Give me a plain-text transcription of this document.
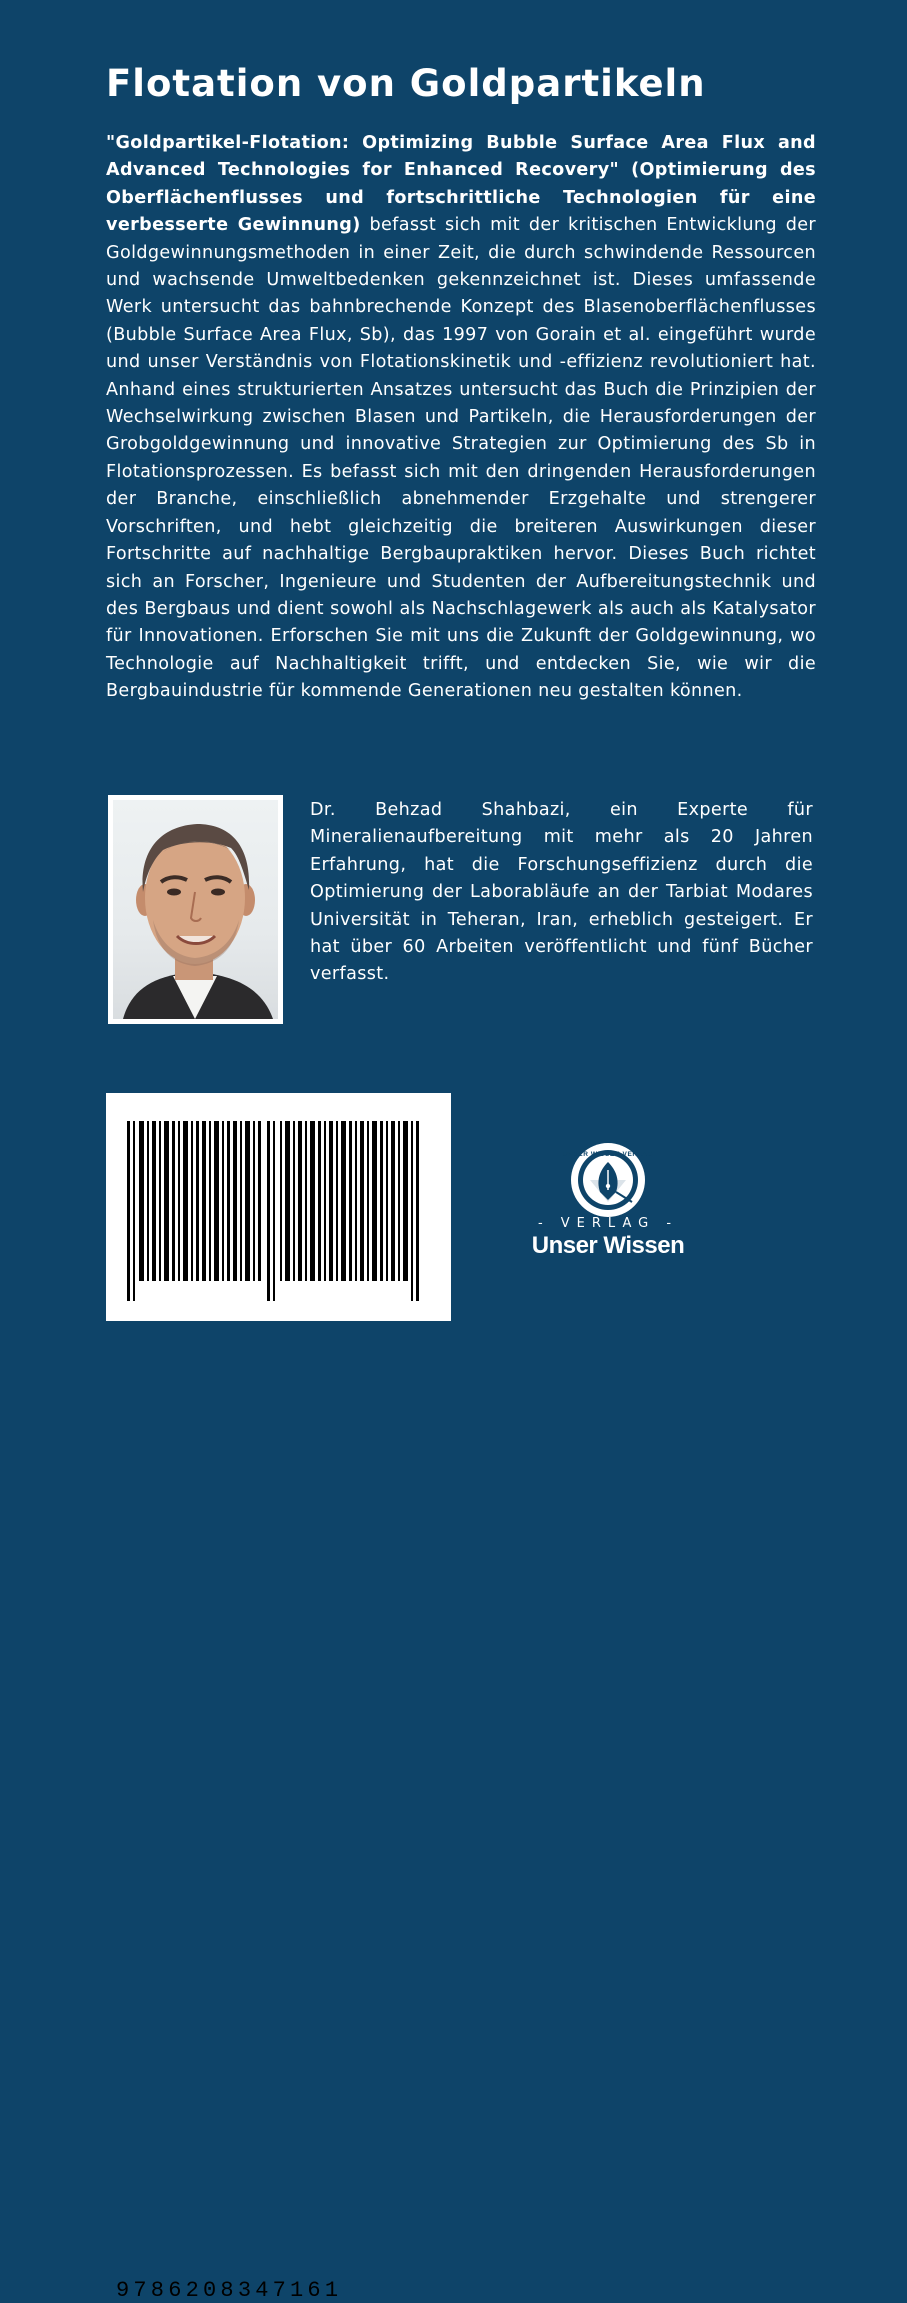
Flotation von Goldpartikeln
"Goldpartikel-Flotation: Optimizing Bubble Surface Area Flux and Advanced Technologies for Enhanced Recovery" (Optimierung des Oberflächenflusses und fortschrittliche Technologien für eine verbesserte Gewinnung) befasst sich mit der kritischen Entwicklung der Goldgewinnungsmethoden in einer Zeit, die durch schwindende Ressourcen und wachsende Umweltbedenken gekennzeichnet ist. Dieses umfassende Werk untersucht das bahnbrechende Konzept des Blasenoberflächenflusses (Bubble Surface Area Flux, Sb), das 1997 von Gorain et al. eingeführt wurde und unser Verständnis von Flotationskinetik und -effizienz revolutioniert hat. Anhand eines strukturierten Ansatzes untersucht das Buch die Prinzipien der Wechselwirkung zwischen Blasen und Partikeln, die Herausforderungen der Grobgoldgewinnung und innovative Strategien zur Optimierung des Sb in Flotationsprozessen. Es befasst sich mit den dringenden Herausforderungen der Branche, einschließlich abnehmender Erzgehalte und strengerer Vorschriften, und hebt gleichzeitig die breiteren Auswirkungen dieser Fortschritte auf nachhaltige Bergbaupraktiken hervor. Dieses Buch richtet sich an Forscher, Ingenieure und Studenten der Aufbereitungstechnik und des Bergbaus und dient sowohl als Nachschlagewerk als auch als Katalysator für Innovationen. Erforschen Sie mit uns die Zukunft der Goldgewinnung, wo Technologie auf Nachhaltigkeit trifft, und entdecken Sie, wie wir die Bergbauindustrie für kommende Generationen neu gestalten können.
Dr. Behzad Shahbazi, ein Experte für Mineralienaufbereitung mit mehr als 20 Jahren Erfahrung, hat die Forschungseffizienz durch die Optimierung der Laborabläufe an der Tarbiat Modares Universität in Teheran, Iran, erheblich gesteigert. Er hat über 60 Arbeiten veröffentlicht und fünf Bücher verfasst.
9786208347161
UNSER WISSEN VERLAG
- VERLAG -
Unser Wissen
